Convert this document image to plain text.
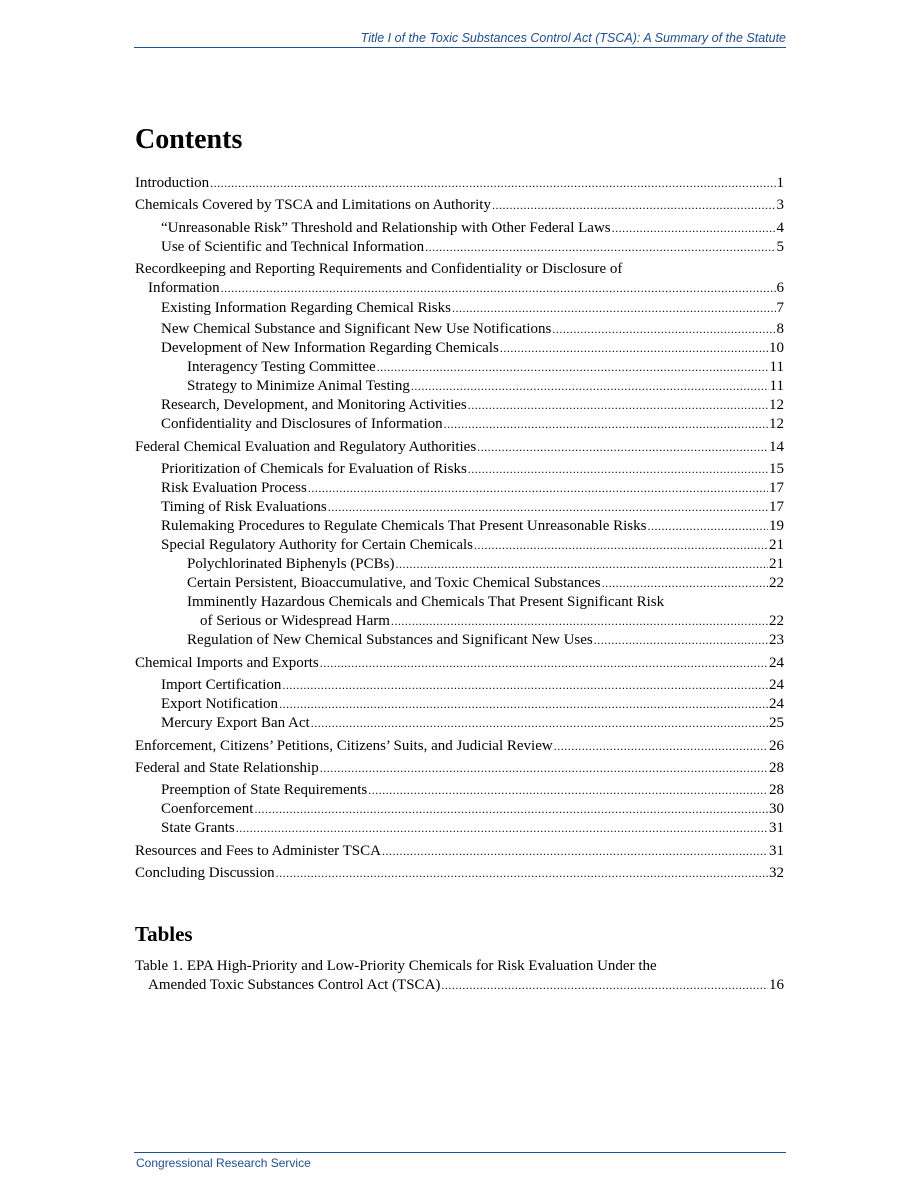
Title I of the Toxic Substances Control Act (TSCA): A Summary of the Statute
Contents
Introduction .....	1
Chemicals Covered by TSCA and Limitations on Authority .....	3
“Unreasonable Risk” Threshold and Relationship with Other Federal Laws .....	4
Use of Scientific and Technical Information .....	5
Recordkeeping and Reporting Requirements and Confidentiality or Disclosure of
Information .....	6
Existing Information Regarding Chemical Risks .....	7
New Chemical Substance and Significant New Use Notifications .....	8
Development of New Information Regarding Chemicals .....	10
Interagency Testing Committee .....	11
Strategy to Minimize Animal Testing .....	11
Research, Development, and Monitoring Activities .....	12
Confidentiality and Disclosures of Information .....	12
Federal Chemical Evaluation and Regulatory Authorities .....	14
Prioritization of Chemicals for Evaluation of Risks .....	15
Risk Evaluation Process .....	17
Timing of Risk Evaluations .....	17
Rulemaking Procedures to Regulate Chemicals That Present Unreasonable Risks .....	19
Special Regulatory Authority for Certain Chemicals .....	21
Polychlorinated Biphenyls (PCBs) .....	21
Certain Persistent, Bioaccumulative, and Toxic Chemical Substances .....	22
Imminently Hazardous Chemicals and Chemicals That Present Significant Risk
of Serious or Widespread Harm .....	22
Regulation of New Chemical Substances and Significant New Uses .....	23
Chemical Imports and Exports .....	24
Import Certification .....	24
Export Notification .....	24
Mercury Export Ban Act .....	25
Enforcement, Citizens’ Petitions, Citizens’ Suits, and Judicial Review .....	26
Federal and State Relationship .....	28
Preemption of State Requirements .....	28
Coenforcement .....	30
State Grants .....	31
Resources and Fees to Administer TSCA .....	31
Concluding Discussion .....	32
Tables
Table 1. EPA High-Priority and Low-Priority Chemicals for Risk Evaluation Under the
Amended Toxic Substances Control Act (TSCA) .....	16
Congressional Research Service
